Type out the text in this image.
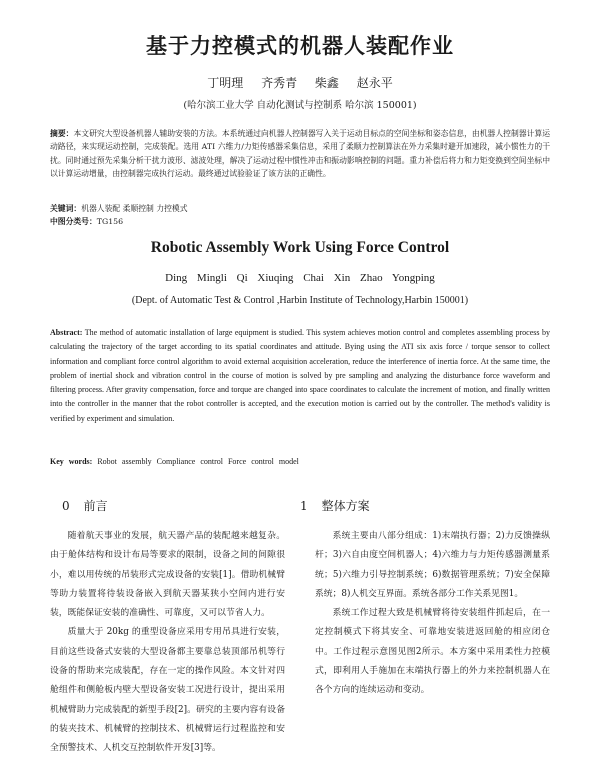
基于力控模式的机器人装配作业
丁明理 齐秀青 柴鑫 赵永平
(哈尔滨工业大学 自动化测试与控制系 哈尔滨 150001)
摘要：本文研究大型设备机器人辅助安装的方法。本系统通过向机器人控制器写入关于运动目标点的空间坐标和姿态信息，由机器人控制器计算运动路径，来实现运动控制，完成装配。选用 ATI 六维力/力矩传感器采集信息，采用了柔顺力控制算法在外力采集时避开加速段，减小惯性力的干扰。同时通过预先采集分析干扰力波形、滤波处理，解决了运动过程中惯性冲击和振动影响控制的问题。重力补偿后将力和力矩变换到空间坐标中以计算运动增量，由控制器完成执行运动。最终通过试验验证了该方法的正确性。
关键词：机器人装配 柔顺控制 力控模式
中图分类号：TG156
Robotic Assembly Work Using Force Control
Ding Mingli Qi Xiuqing Chai Xin Zhao Yongping
(Dept. of Automatic Test & Control ,Harbin Institute of Technology,Harbin 150001)
Abstract: The method of automatic installation of large equipment is studied. This system achieves motion control and completes assembling process by calculating the trajectory of the target according to its spatial coordinates and attitude. Bying using the ATI six axis force / torque sensor to collect information and compliant force control algorithm to avoid external acquisition acceleration, reduce the interference of inertia force. At the same time, the problem of inertial shock and vibration control in the course of motion is solved by pre sampling and analyzing the disturbance force waveform and filtering process. After gravity compensation, force and torque are changed into space coordinates to calculate the increment of motion, and finally written into the controller in the manner that the robot controller is accepted, and the execution motion is carried out by the controller. The method's validity is verified by experiment and simulation.
Key words: Robot assembly Compliance control Force control model
0 前言	1 整体方案

随着航天事业的发展，航天器产品的装配越来越复杂。由于舱体结构和设计布局等要求的限制，设备之间的间隙很小，难以用传统的吊装形式完成设备的安装[1]。借助机械臂等助力装置将待装设备嵌入到航天器某狭小空间内进行安装，既能保证安装的准确性、可靠度，又可以节省人力。

质量大于 20kg 的重型设备应采用专用吊具进行安装，目前这些设备式安装的大型设备都主要靠总装顶部吊机等行设备的帮助来完成装配，存在一定的操作风险。本文针对四舱组件和侧舱板内壁大型设备安装工况进行设计，提出采用机械臂助力完成装配的新型手段[2]。研究的主要内容有设备的装夹技术、机械臂的控制技术、机械臂运行过程监控和安全预警技术、人机交互控制软件开发[3]等。

系统主要由八部分组成：1)末端执行器；2)力反馈操纵杆；3)六自由度空间机器人；4)六维力与力矩传感器测量系统；5)六维力引导控制系统；6)数据管理系统；7)安全保障系统；8)人机交互界面。系统各部分工作关系见图1。

系统工作过程大致是机械臂将待安装组件抓起后，在一定控制模式下将其安全、可靠地安装进返回舱的相应闭仓中。工作过程示意图见图2所示。本方案中采用柔性力控模式，即利用人手施加在末端执行器上的外力来控制机器人在各个方向的连续运动和变动。
